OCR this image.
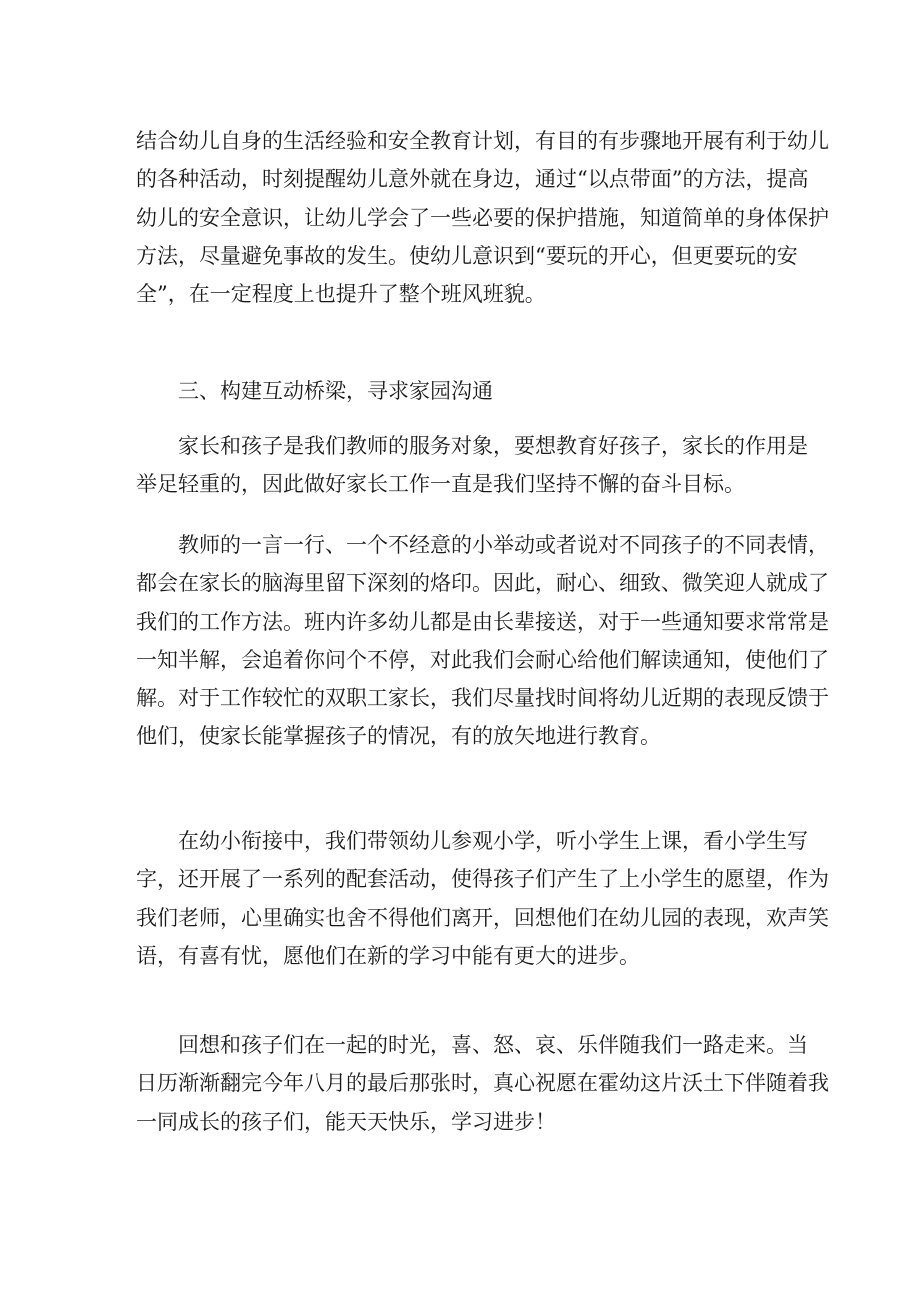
结合幼儿自身的生活经验和安全教育计划，有目的有步骤地开展有利于幼儿
的各种活动，时刻提醒幼儿意外就在身边，通过“以点带面”的方法，提高
幼儿的安全意识，让幼儿学会了一些必要的保护措施，知道简单的身体保护
方法，尽量避免事故的发生。使幼儿意识到“要玩的开心，但更要玩的安
全”，在一定程度上也提升了整个班风班貌。

三、构建互动桥梁，寻求家园沟通

家长和孩子是我们教师的服务对象，要想教育好孩子，家长的作用是
举足轻重的，因此做好家长工作一直是我们坚持不懈的奋斗目标。

教师的一言一行、一个不经意的小举动或者说对不同孩子的不同表情，
都会在家长的脑海里留下深刻的烙印。因此，耐心、细致、微笑迎人就成了
我们的工作方法。班内许多幼儿都是由长辈接送，对于一些通知要求常常是
一知半解，会追着你问个不停，对此我们会耐心给他们解读通知，使他们了
解。对于工作较忙的双职工家长，我们尽量找时间将幼儿近期的表现反馈于
他们，使家长能掌握孩子的情况，有的放矢地进行教育。

在幼小衔接中，我们带领幼儿参观小学，听小学生上课，看小学生写
字，还开展了一系列的配套活动，使得孩子们产生了上小学生的愿望，作为
我们老师，心里确实也舍不得他们离开，回想他们在幼儿园的表现，欢声笑
语，有喜有忧，愿他们在新的学习中能有更大的进步。

回想和孩子们在一起的时光，喜、怒、哀、乐伴随我们一路走来。当
日历渐渐翻完今年八月的最后那张时，真心祝愿在霍幼这片沃土下伴随着我
一同成长的孩子们，能天天快乐，学习进步！
